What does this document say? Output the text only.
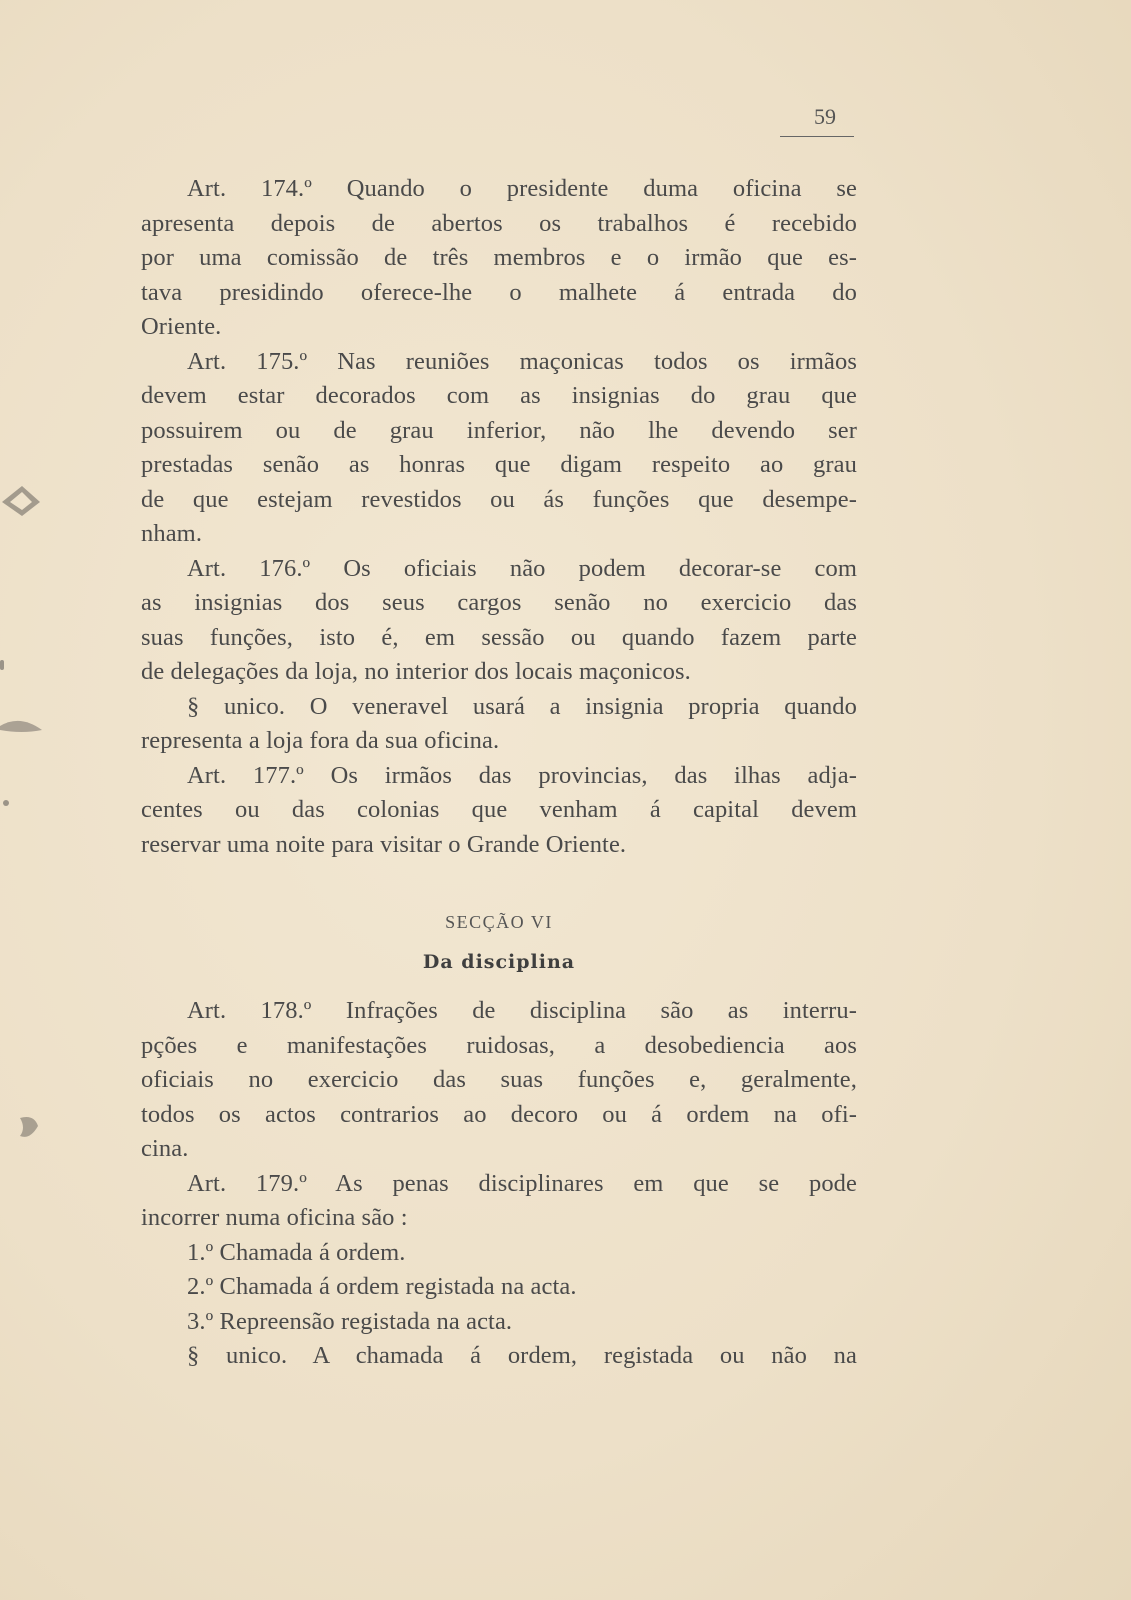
59
Art. 174.º Quando o presidente duma oficina se
apresenta depois de abertos os trabalhos é recebido
por uma comissão de três membros e o irmão que es-
tava presidindo oferece-lhe o malhete á entrada do
Oriente.
Art. 175.º Nas reuniões maçonicas todos os irmãos
devem estar decorados com as insignias do grau que
possuirem ou de grau inferior, não lhe devendo ser
prestadas senão as honras que digam respeito ao grau
de que estejam revestidos ou ás funções que desempe-
nham.
Art. 176.º Os oficiais não podem decorar-se com
as insignias dos seus cargos senão no exercicio das
suas funções, isto é, em sessão ou quando fazem parte
de delegações da loja, no interior dos locais maçonicos.
§ unico. O veneravel usará a insignia propria quando
representa a loja fora da sua oficina.
Art. 177.º Os irmãos das provincias, das ilhas adja-
centes ou das colonias que venham á capital devem
reservar uma noite para visitar o Grande Oriente.
SECÇÃO VI
Da disciplina
Art. 178.º Infrações de disciplina são as interru-
pções e manifestações ruidosas, a desobediencia aos
oficiais no exercicio das suas funções e, geralmente,
todos os actos contrarios ao decoro ou á ordem na ofi-
cina.
Art. 179.º As penas disciplinares em que se pode
incorrer numa oficina são :
1.º Chamada á ordem.
2.º Chamada á ordem registada na acta.
3.º Repreensão registada na acta.
§ unico. A chamada á ordem, registada ou não na
